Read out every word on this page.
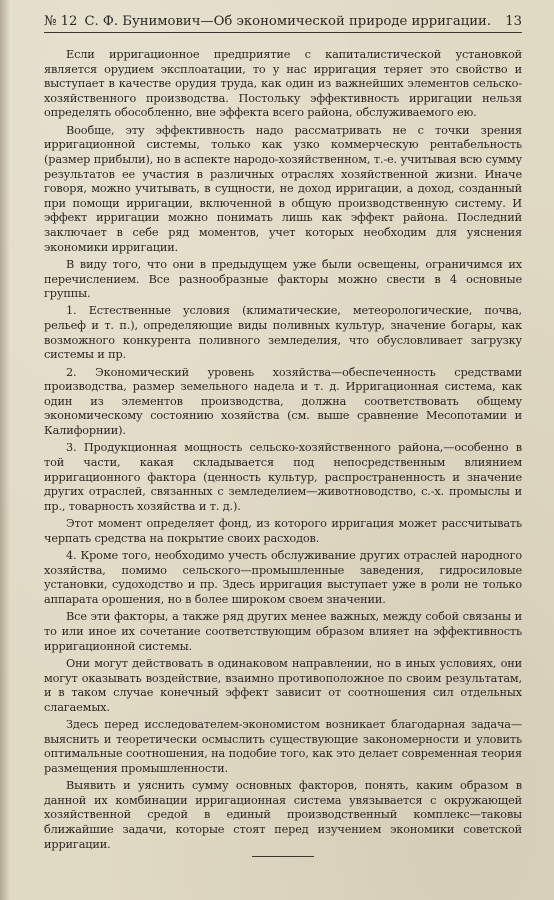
№ 12 С. Ф. Бунимович—Об экономической природе ирригации.	13

Если ирригационное предприятие с капиталистической установкой является орудием эксплоатации, то у нас ирригация теряет это свойство и выступает в качестве орудия труда, как один из важнейших элементов сельско-хозяйственного производства. Постольку эффективность ирригации нельзя определять обособленно, вне эффекта всего района, обслуживаемого ею.

Вообще, эту эффективность надо рассматривать не с точки зрения ирригационной системы, только как узко коммерческую рентабельность (размер прибыли), но в аспекте народо-хозяйственном, т.-е. учитывая всю сумму результатов ее участия в различных отраслях хозяйственной жизни. Иначе говоря, можно учитывать, в сущности, не доход ирригации, а доход, созданный при помощи ирригации, включенной в общую производственную систему. И эффект ирригации можно понимать лишь как эффект района. Последний заключает в себе ряд моментов, учет которых необходим для уяснения экономики ирригации.

В виду того, что они в предыдущем уже были освещены, ограничимся их перечислением. Все разнообразные факторы можно свести в 4 основные группы.

1. Естественные условия (климатические, метеорологические, почва, рельеф и т. п.), определяющие виды поливных культур, значение богары, как возможного конкурента поливного земледелия, что обусловливает загрузку системы и пр.

2. Экономический уровень хозяйства—обеспеченность средствами производства, размер земельного надела и т. д. Ирригационная система, как один из элементов производства, должна соответствовать общему экономическому состоянию хозяйства (см. выше сравнение Месопотамии и Калифорнии).

3. Продукционная мощность сельско-хозяйственного района,—особенно в той части, какая складывается под непосредственным влиянием ирригационного фактора (ценность культур, распространенность и значение других отраслей, связанных с земледелием—животноводство, с.-х. промыслы и пр., товарность хозяйства и т. д.).

Этот момент определяет фонд, из которого ирригация может рассчитывать черпать средства на покрытие своих расходов.

4. Кроме того, необходимо учесть обслуживание других отраслей народного хозяйства, помимо сельского—промышленные заведения, гидросиловые установки, судоходство и пр. Здесь ирригация выступает уже в роли не только аппарата орошения, но в более широком своем значении.

Все эти факторы, а также ряд других менее важных, между собой связаны и то или иное их сочетание соответствующим образом влияет на эффективность ирригационной системы.

Они могут действовать в одинаковом направлении, но в иных условиях, они могут оказывать воздействие, взаимно противоположное по своим результатам, и в таком случае конечный эффект зависит от соотношения сил отдельных слагаемых.

Здесь перед исследователем-экономистом возникает благодарная задача—выяснить и теоретически осмыслить существующие закономерности и уловить оптимальные соотношения, на подобие того, как это делает современная теория размещения промышленности.

Выявить и уяснить сумму основных факторов, понять, каким образом в данной их комбинации ирригационная система увязывается с окружающей хозяйственной средой в единый производственный комплекс—таковы ближайшие задачи, которые стоят перед изучением экономики советской ирригации.
